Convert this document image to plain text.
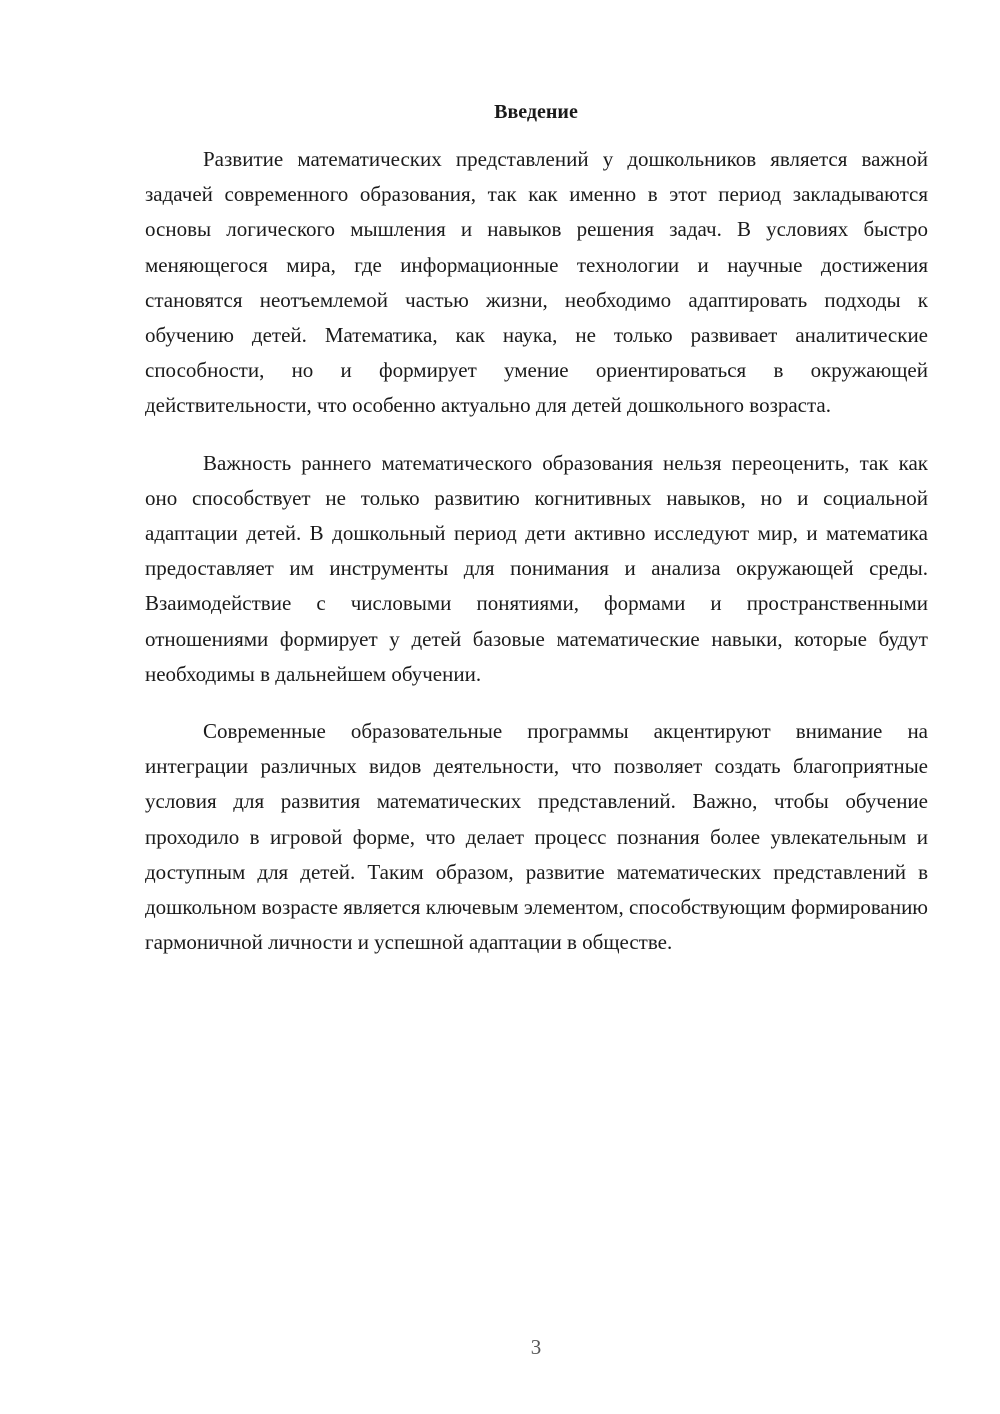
Введение

Развитие математических представлений у дошкольников является важной задачей современного образования, так как именно в этот период закладываются основы логического мышления и навыков решения задач. В условиях быстро меняющегося мира, где информационные технологии и научные достижения становятся неотъемлемой частью жизни, необходимо адаптировать подходы к обучению детей. Математика, как наука, не только развивает аналитические способности, но и формирует умение ориентироваться в окружающей действительности, что особенно актуально для детей дошкольного возраста.

Важность раннего математического образования нельзя переоценить, так как оно способствует не только развитию когнитивных навыков, но и социальной адаптации детей. В дошкольный период дети активно исследуют мир, и математика предоставляет им инструменты для понимания и анализа окружающей среды. Взаимодействие с числовыми понятиями, формами и пространственными отношениями формирует у детей базовые математические навыки, которые будут необходимы в дальнейшем обучении.

Современные образовательные программы акцентируют внимание на интеграции различных видов деятельности, что позволяет создать благоприятные условия для развития математических представлений. Важно, чтобы обучение проходило в игровой форме, что делает процесс познания более увлекательным и доступным для детей. Таким образом, развитие математических представлений в дошкольном возрасте является ключевым элементом, способствующим формированию гармоничной личности и успешной адаптации в обществе.

3
